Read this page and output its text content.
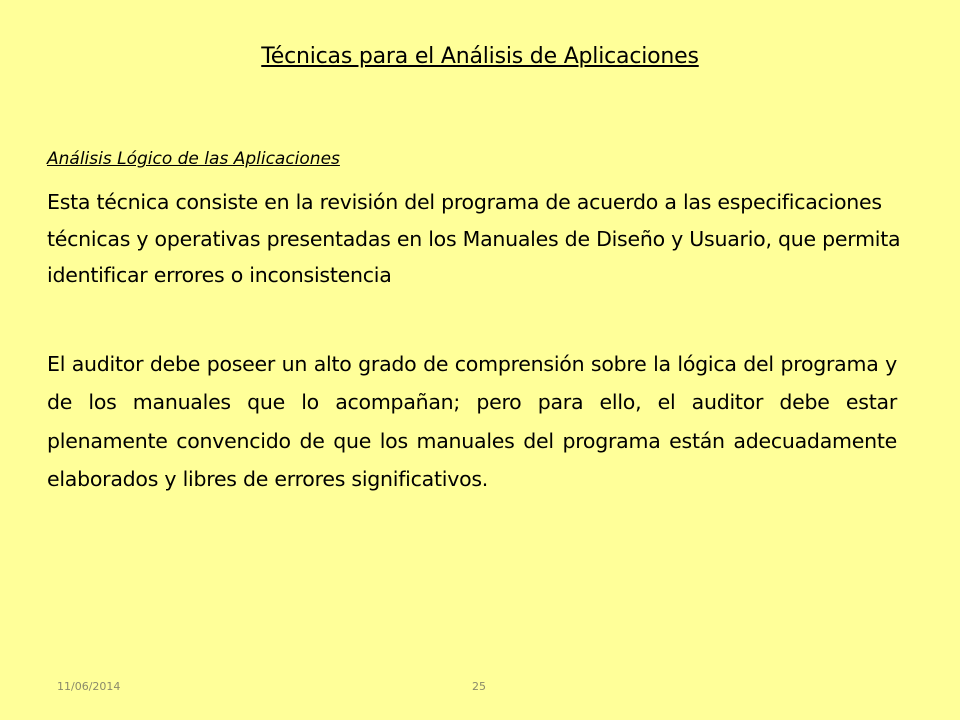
Técnicas para el Análisis de Aplicaciones
Análisis Lógico de las Aplicaciones

Esta técnica consiste en la revisión del programa de acuerdo a las especificaciones técnicas y operativas presentadas en los Manuales de Diseño y Usuario, que permita identificar errores o inconsistencia

El auditor debe poseer un alto grado de comprensión sobre la lógica del programa y de los manuales que lo acompañan; pero para ello, el auditor debe estar plenamente convencido de que los manuales del programa están adecuadamente elaborados y libres de errores significativos.

11/06/2014	25
